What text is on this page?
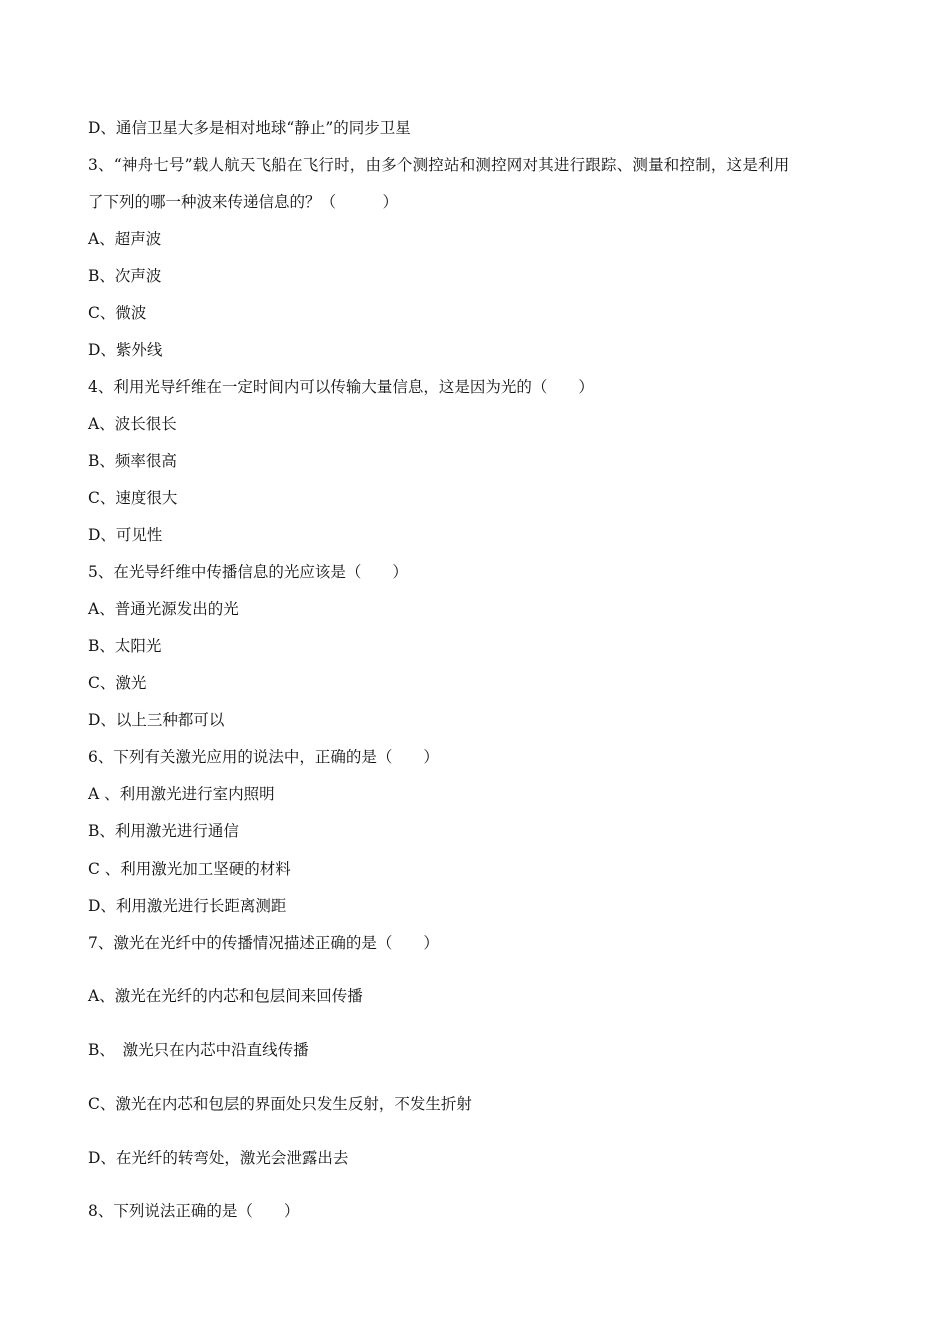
D、通信卫星大多是相对地球“静止”的同步卫星
3、“神舟七号”载人航天飞船在飞行时，由多个测控站和测控网对其进行跟踪、测量和控制，这是利用
了下列的哪一种波来传递信息的？（　　　）
A、超声波
B、次声波
C、微波
D、紫外线
4、利用光导纤维在一定时间内可以传输大量信息，这是因为光的（　　）
A、波长很长
B、频率很高
C、速度很大
D、可见性
5、在光导纤维中传播信息的光应该是（　　）
A、普通光源发出的光
B、太阳光
C、激光
D、以上三种都可以
6、下列有关激光应用的说法中，正确的是（　　）
A 、利用激光进行室内照明
B、利用激光进行通信
C 、利用激光加工坚硬的材料
D、利用激光进行长距离测距
7、激光在光纤中的传播情况描述正确的是（　　）
A、激光在光纤的内芯和包层间来回传播
B、　激光只在内芯中沿直线传播
C、激光在内芯和包层的界面处只发生反射，不发生折射
D、在光纤的转弯处，激光会泄露出去
8、下列说法正确的是（　　）
